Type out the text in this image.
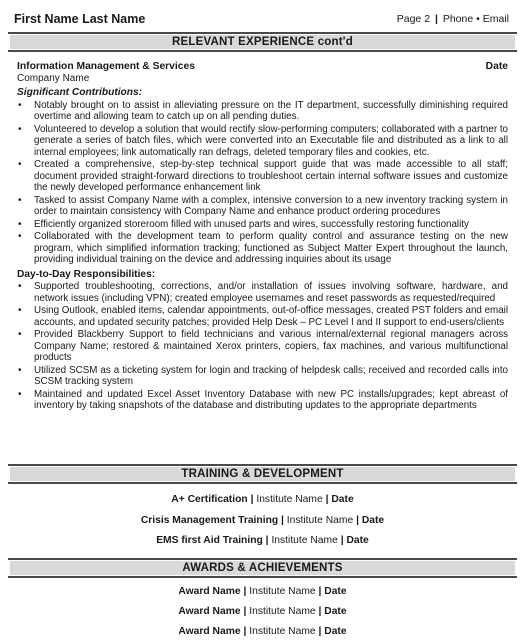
First Name Last Name	Page 2 | Phone • Email
RELEVANT EXPERIENCE cont'd
Information Management & Services	Date
Company Name
Significant Contributions:
• Notably brought on to assist in alleviating pressure on the IT department, successfully diminishing required overtime and allowing team to catch up on all pending duties.
• Volunteered to develop a solution that would rectify slow-performing computers; collaborated with a partner to generate a series of batch files, which were converted into an Executable file and distributed as a link to all internal employees; link automatically ran defrags, deleted temporary files and cookies, etc.
• Created a comprehensive, step-by-step technical support guide that was made accessible to all staff; document provided straight-forward directions to troubleshoot certain internal software issues and customize the newly developed performance enhancement link
• Tasked to assist Company Name with a complex, intensive conversion to a new inventory tracking system in order to maintain consistency with Company Name and enhance product ordering procedures
• Efficiently organized storeroom filled with unused parts and wires, successfully restoring functionality
• Collaborated with the development team to perform quality control and assurance testing on the new program, which simplified information tracking; functioned as Subject Matter Expert throughout the launch, providing individual training on the device and addressing inquiries about its usage
Day-to-Day Responsibilities:
• Supported troubleshooting, corrections, and/or installation of issues involving software, hardware, and network issues (including VPN); created employee usernames and reset passwords as requested/required
• Using Outlook, enabled items, calendar appointments, out-of-office messages, created PST folders and email accounts, and updated security patches; provided Help Desk – PC Level I and II support to end-users/clients
• Provided Blackberry Support to field technicians and various internal/external regional managers across Company Name; restored & maintained Xerox printers, copiers, fax machines, and various multifunctional products
• Utilized SCSM as a ticketing system for login and tracking of helpdesk calls; received and recorded calls into SCSM tracking system
• Maintained and updated Excel Asset Inventory Database with new PC installs/upgrades; kept abreast of inventory by taking snapshots of the database and distributing updates to the appropriate departments
TRAINING & DEVELOPMENT
A+ Certification | Institute Name | Date
Crisis Management Training | Institute Name | Date
EMS first Aid Training | Institute Name | Date
AWARDS & ACHIEVEMENTS
Award Name | Institute Name | Date
Award Name | Institute Name | Date
Award Name | Institute Name | Date
